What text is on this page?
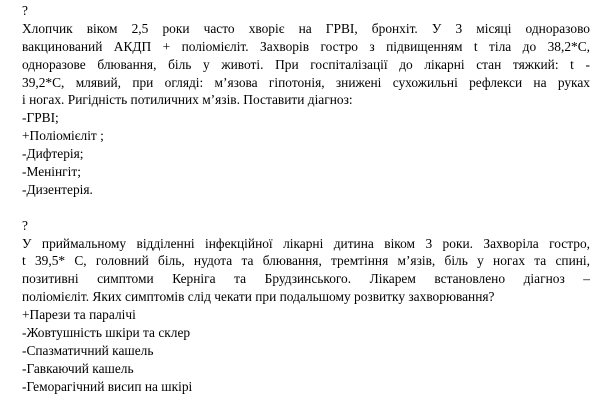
?
Хлопчик віком 2,5 роки часто хворіє на ГРВІ, бронхіт. У 3 місяці одноразово
вакцинований АКДП + поліомієліт. Захворів гостро з підвищенням t тіла до 38,2*С,
одноразове блювання, біль у животі. При госпіталізації до лікарні стан тяжкий: t -
39,2*С, млявий, при огляді: м’язова гіпотонія, знижені сухожильні рефлекси на руках
і ногах. Ригідність потиличних м’язів. Поставити діагноз:
-ГРВІ;
+Поліомієліт ;
-Дифтерія;
-Менінгіт;
-Дизентерія.
?
У приймальному відділенні інфекційної лікарні дитина віком 3 роки. Захворіла гостро,
t 39,5* С, головний біль, нудота та блювання, тремтіння м’язів, біль у ногах та спині,
позитивні симптоми Керніга та Брудзинського. Лікарем встановлено діагноз –
поліомієліт. Яких симптомів слід чекати при подальшому розвитку захворювання?
+Парези та паралічі
-Жовтушність шкіри та склер
-Спазматичний кашель
-Гавкаючий кашель
-Геморагічний висип на шкірі
